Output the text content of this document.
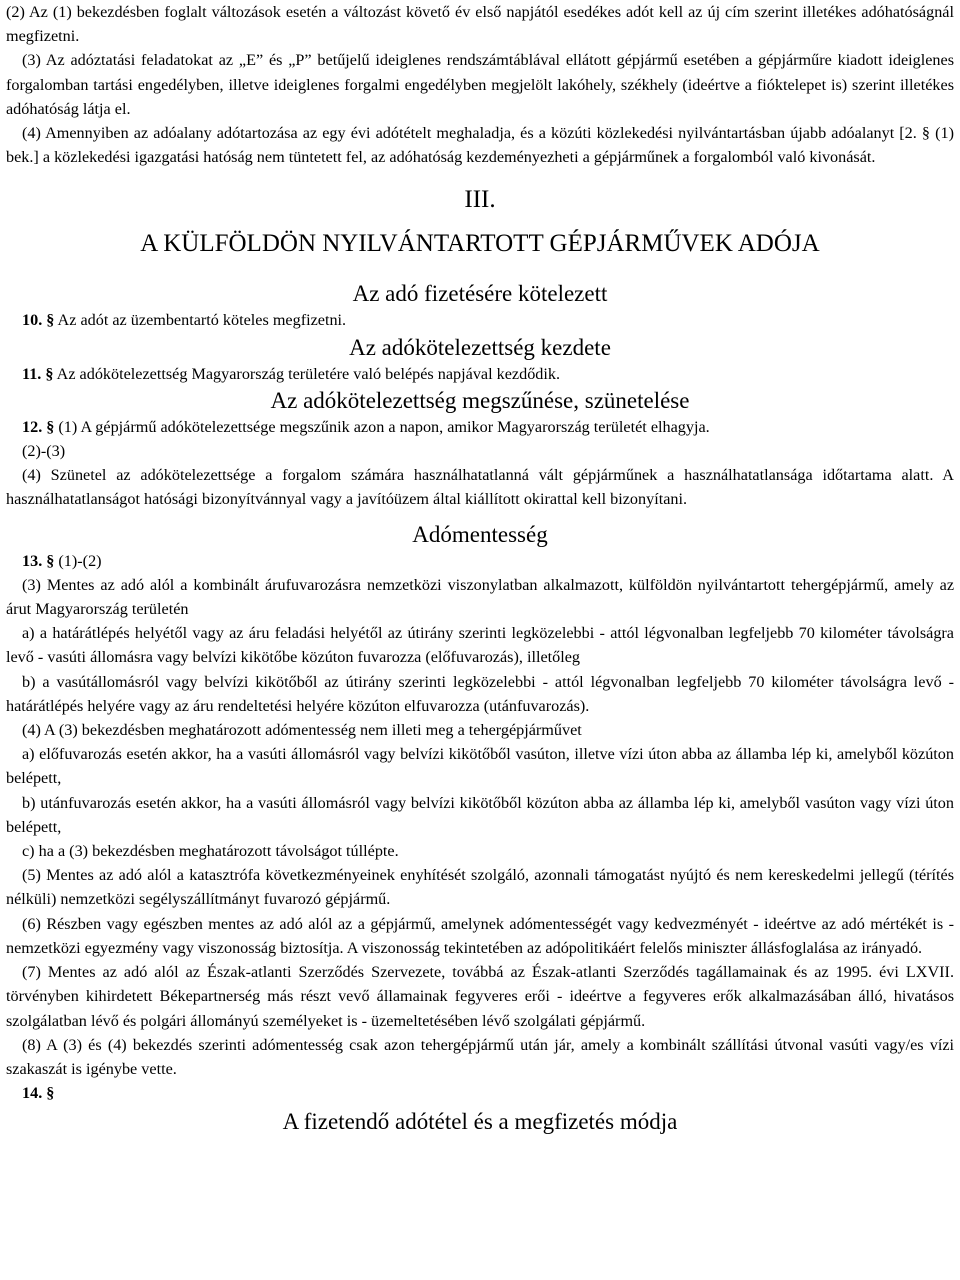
(2) Az (1) bekezdésben foglalt változások esetén a változást követő év első napjától esedékes adót kell az új cím szerint illetékes adóhatóságnál megfizetni.

(3) Az adóztatási feladatokat az „E” és „P” betűjelű ideiglenes rendszámtáblával ellátott gépjármű esetében a gépjárműre kiadott ideiglenes forgalomban tartási engedélyben, illetve ideiglenes forgalmi engedélyben megjelölt lakóhely, székhely (ideértve a fióktelepet is) szerint illetékes adóhatóság látja el.

(4) Amennyiben az adóalany adótartozása az egy évi adótételt meghaladja, és a közúti közlekedési nyilvántartásban újabb adóalanyt [2. § (1) bek.] a közlekedési igazgatási hatóság nem tüntetett fel, az adóhatóság kezdeményezheti a gépjárműnek a forgalomból való kivonását.

III.
A KÜLFÖLDÖN NYILVÁNTARTOTT GÉPJÁRMŰVEK ADÓJA
Az adó fizetésére kötelezett

10. § Az adót az üzembentartó köteles megfizetni.

Az adókötelezettség kezdete

11. § Az adókötelezettség Magyarország területére való belépés napjával kezdődik.

Az adókötelezettség megszűnése, szünetelése

12. § (1) A gépjármű adókötelezettsége megszűnik azon a napon, amikor Magyarország területét elhagyja.

(2)-(3)

(4) Szünetel az adókötelezettsége a forgalom számára használhatatlanná vált gépjárműnek a használhatatlansága időtartama alatt. A használhatatlanságot hatósági bizonyítvánnyal vagy a javítóüzem által kiállított okirattal kell bizonyítani.

Adómentesség

13. § (1)-(2)

(3) Mentes az adó alól a kombinált árufuvarozásra nemzetközi viszonylatban alkalmazott, külföldön nyilvántartott tehergépjármű, amely az árut Magyarország területén

a) a határátlépés helyétől vagy az áru feladási helyétől az útirány szerinti legközelebbi - attól légvonalban legfeljebb 70 kilométer távolságra levő - vasúti állomásra vagy belvízi kikötőbe közúton fuvarozza (előfuvarozás), illetőleg

b) a vasútállomásról vagy belvízi kikötőből az útirány szerinti legközelebbi - attól légvonalban legfeljebb 70 kilométer távolságra levő - határátlépés helyére vagy az áru rendeltetési helyére közúton elfuvarozza (utánfuvarozás).

(4) A (3) bekezdésben meghatározott adómentesség nem illeti meg a tehergépjárművet

a) előfuvarozás esetén akkor, ha a vasúti állomásról vagy belvízi kikötőből vasúton, illetve vízi úton abba az államba lép ki, amelyből közúton belépett,

b) utánfuvarozás esetén akkor, ha a vasúti állomásról vagy belvízi kikötőből közúton abba az államba lép ki, amelyből vasúton vagy vízi úton belépett,

c) ha a (3) bekezdésben meghatározott távolságot túllépte.

(5) Mentes az adó alól a katasztrófa következményeinek enyhítését szolgáló, azonnali támogatást nyújtó és nem kereskedelmi jellegű (térítés nélküli) nemzetközi segélyszállítmányt fuvarozó gépjármű.

(6) Részben vagy egészben mentes az adó alól az a gépjármű, amelynek adómentességét vagy kedvezményét - ideértve az adó mértékét is - nemzetközi egyezmény vagy viszonosság biztosítja. A viszonosság tekintetében az adópolitikáért felelős miniszter állásfoglalása az irányadó.

(7) Mentes az adó alól az Észak-atlanti Szerződés Szervezete, továbbá az Észak-atlanti Szerződés tagállamainak és az 1995. évi LXVII. törvényben kihirdetett Békepartnerség más részt vevő államainak fegyveres erői - ideértve a fegyveres erők alkalmazásában álló, hivatásos szolgálatban lévő és polgári állományú személyeket is - üzemeltetésében lévő szolgálati gépjármű.

(8) A (3) és (4) bekezdés szerinti adómentesség csak azon tehergépjármű után jár, amely a kombinált szállítási útvonal vasúti vagy/es vízi szakaszát is igénybe vette.

14. §

A fizetendő adótétel és a megfizetés módja
